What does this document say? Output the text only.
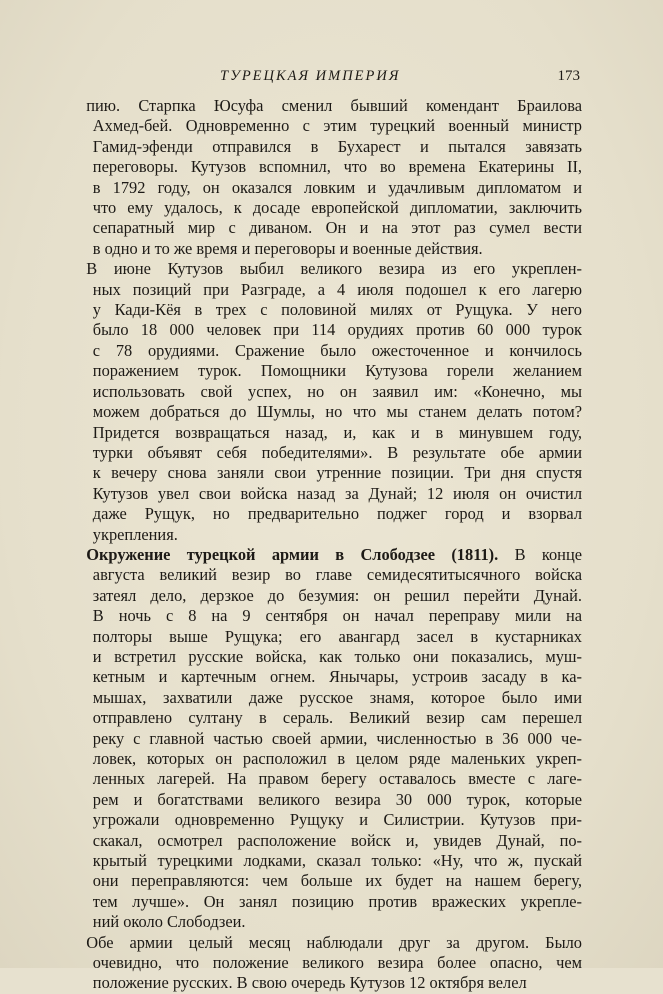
ТУРЕЦКАЯ ИМПЕРИЯ	173

пию. Старпка Юсуфа сменил бывший комендант Браилова
Ахмед-бей. Одновременно с этим турецкий военный министр
Гамид-эфенди отправился в Бухарест и пытался завязать
переговоры. Кутузов вспомнил, что во времена Екатерины II,
в 1792 году, он оказался ловким и удачливым дипломатом и
что ему удалось, к досаде европейской дипломатии, заключить
сепаратный мир с диваном. Он и на этот раз сумел вести
в одно и то же время и переговоры и военные действия.

В июне Кутузов выбил великого везира из его укреплен-
ных позиций при Разграде, а 4 июля подошел к его лагерю
у Кади-Кёя в трех с половиной милях от Рущука. У него
было 18 000 человек при 114 орудиях против 60 000 турок
с 78 орудиями. Сражение было ожесточенное и кончилось
поражением турок. Помощники Кутузова горели желанием
использовать свой успех, но он заявил им: «Конечно, мы
можем добраться до Шумлы, но что мы станем делать потом?
Придется возвращаться назад, и, как и в минувшем году,
турки объявят себя победителями». В результате обе армии
к вечеру снова заняли свои утренние позиции. Три дня спустя
Кутузов увел свои войска назад за Дунай; 12 июля он очистил
даже Рущук, но предварительно поджег город и взорвал
укрепления.

Окружение турецкой армии в Слободзее (1811). В конце
августа великий везир во главе семидесятитысячного войска
затеял дело, дерзкое до безумия: он решил перейти Дунай.
В ночь с 8 на 9 сентября он начал переправу мили на
полторы выше Рущука; его авангард засел в кустарниках
и встретил русские войска, как только они показались, муш-
кетным и картечным огнем. Янычары, устроив засаду в ка-
мышах, захватили даже русское знамя, которое было ими
отправлено султану в сераль. Великий везир сам перешел
реку с главной частью своей армии, численностью в 36 000 че-
ловек, которых он расположил в целом ряде маленьких укреп-
ленных лагерей. На правом берегу оставалось вместе с лаге-
рем и богатствами великого везира 30 000 турок, которые
угрожали одновременно Рущуку и Силистрии. Кутузов при-
скакал, осмотрел расположение войск и, увидев Дунай, по-
крытый турецкими лодками, сказал только: «Ну, что ж, пускай
они переправляются: чем больше их будет на нашем берегу,
тем лучше». Он занял позицию против вражеских укрепле-
ний около Слободзеи.

Обе армии целый месяц наблюдали друг за другом. Было
очевидно, что положение великого везира более опасно, чем
положение русских. В свою очередь Кутузов 12 октября велел
